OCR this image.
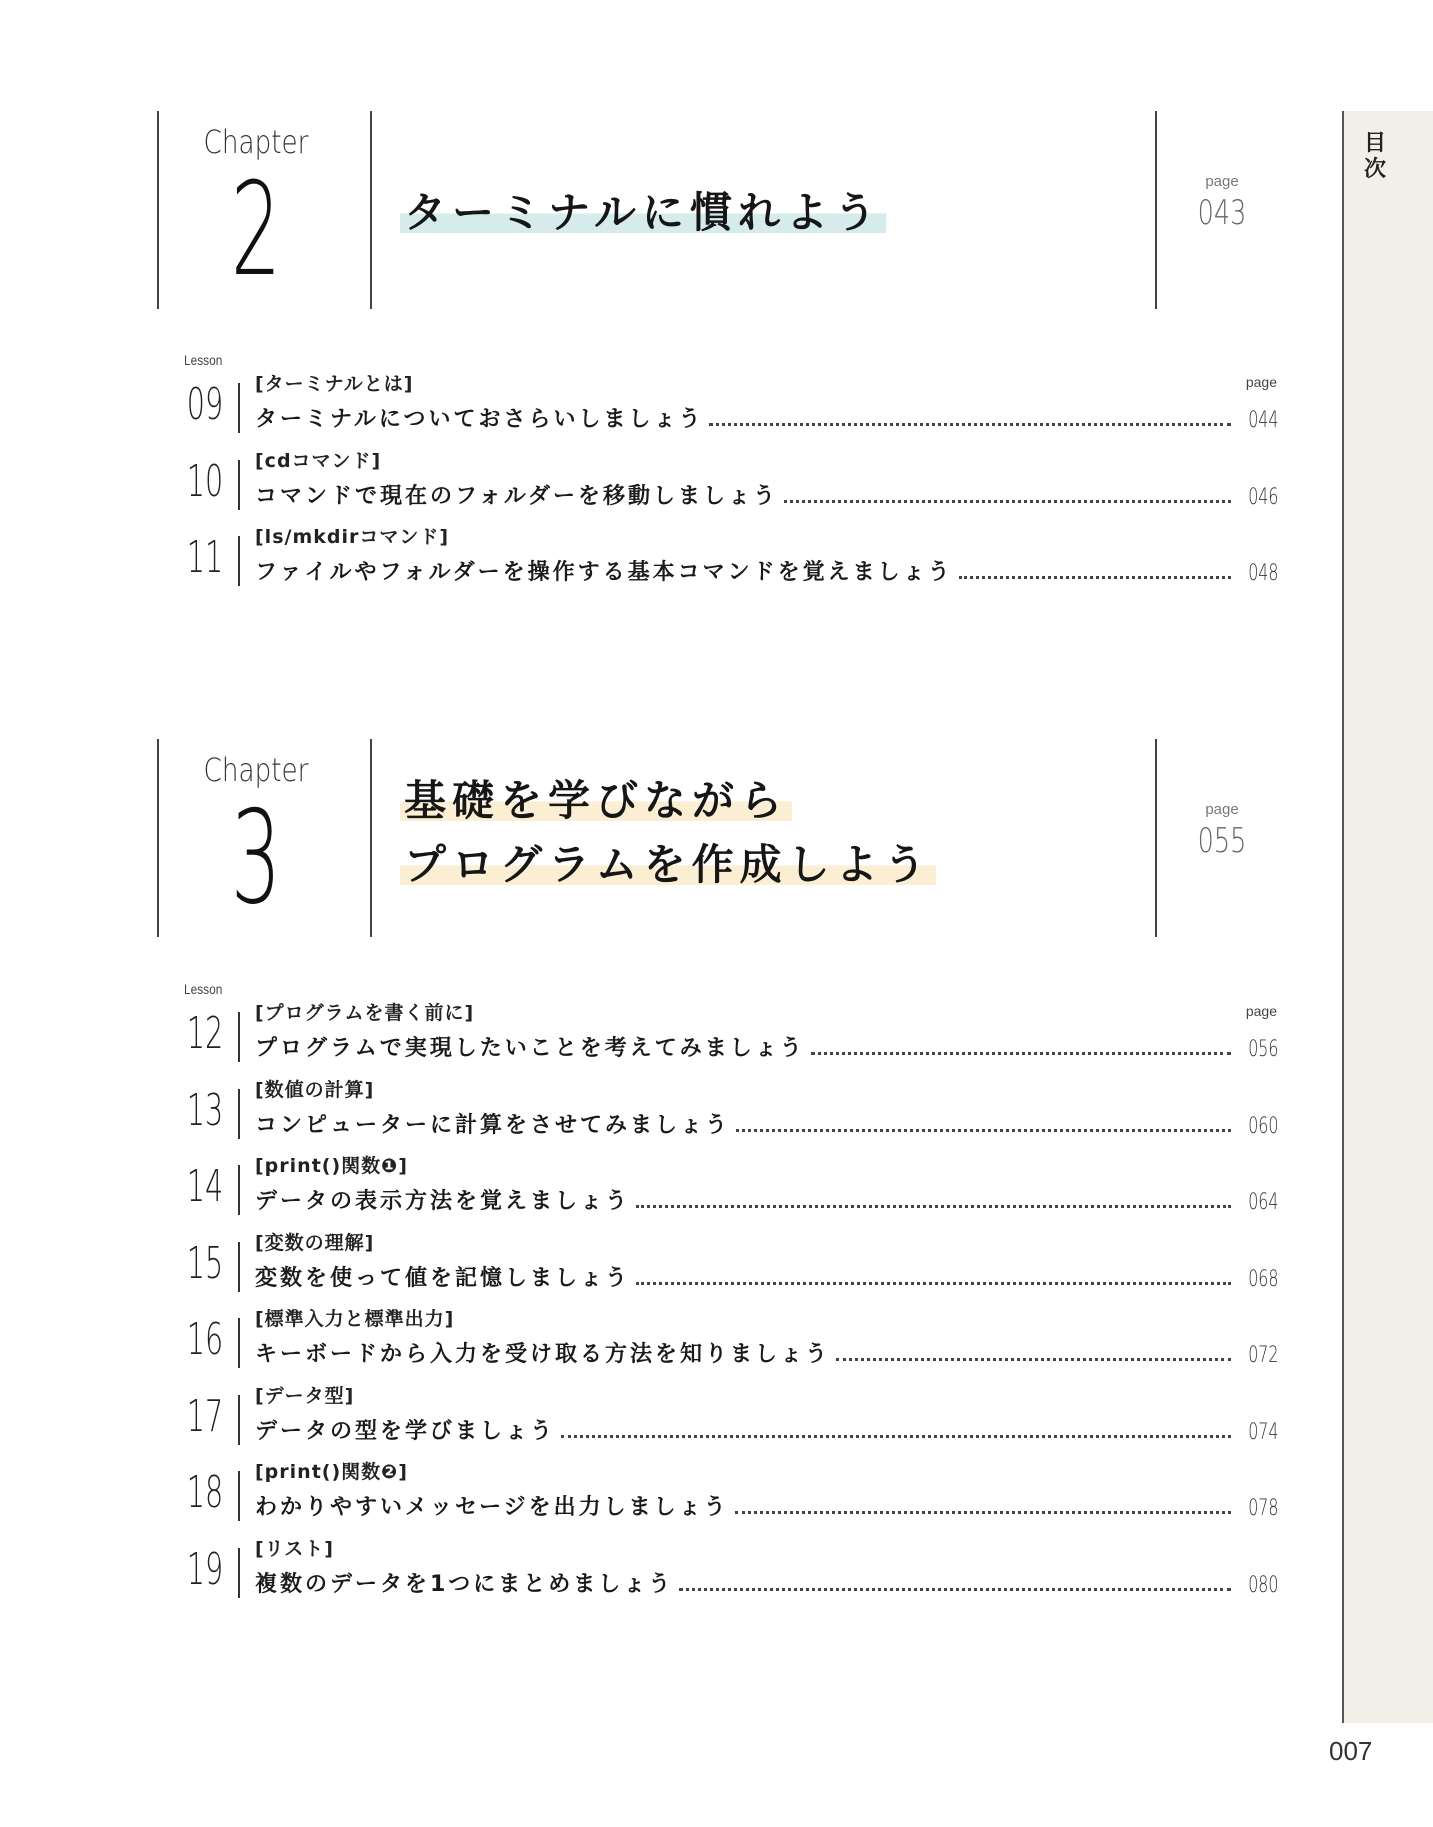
目
次
Chapter
2	ターミナルに慣れよう
page
043
Lesson
page
09 [ターミナルとは]
ターミナルについておさらいしましょう	044
10 [cdコマンド]
コマンドで現在のフォルダーを移動しましょう	046
11 [ls/mkdirコマンド]
ファイルやフォルダーを操作する基本コマンドを覚えましょう	048
Chapter
3	基礎を学びながら
プログラムを作成しよう
page
055
Lesson
page
12 [プログラムを書く前に]
プログラムで実現したいことを考えてみましょう	056
13 [数値の計算]
コンピューターに計算をさせてみましょう	060
14 [print()関数❶]
データの表示方法を覚えましょう	064
15 [変数の理解]
変数を使って値を記憶しましょう	068
16 [標準入力と標準出力]
キーボードから入力を受け取る方法を知りましょう	072
17 [データ型]
データの型を学びましょう	074
18 [print()関数❷]
わかりやすいメッセージを出力しましょう	078
19 [リスト]
複数のデータを1つにまとめましょう	080
007
